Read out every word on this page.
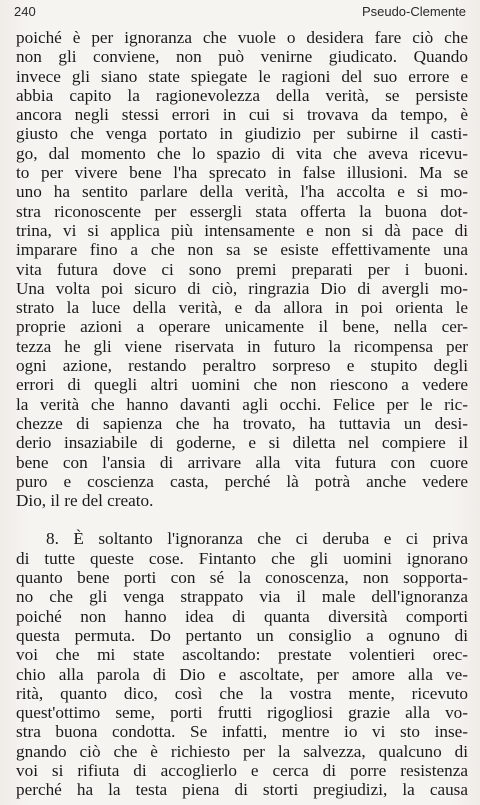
240	Pseudo-Clemente
poiché è per ignoranza che vuole o desidera fare ciò che
non gli conviene, non può venirne giudicato. Quando
invece gli siano state spiegate le ragioni del suo errore e
abbia capito la ragionevolezza della verità, se persiste
ancora negli stessi errori in cui si trovava da tempo, è
giusto che venga portato in giudizio per subirne il casti-
go, dal momento che lo spazio di vita che aveva ricevu-
to per vivere bene l'ha sprecato in false illusioni. Ma se
uno ha sentito parlare della verità, l'ha accolta e si mo-
stra riconoscente per essergli stata offerta la buona dot-
trina, vi si applica più intensamente e non si dà pace di
imparare fino a che non sa se esiste effettivamente una
vita futura dove ci sono premi preparati per i buoni.
Una volta poi sicuro di ciò, ringrazia Dio di avergli mo-
strato la luce della verità, e da allora in poi orienta le
proprie azioni a operare unicamente il bene, nella cer-
tezza he gli viene riservata in futuro la ricompensa per
ogni azione, restando peraltro sorpreso e stupito degli
errori di quegli altri uomini che non riescono a vedere
la verità che hanno davanti agli occhi. Felice per le ric-
chezze di sapienza che ha trovato, ha tuttavia un desi-
derio insaziabile di goderne, e si diletta nel compiere il
bene con l'ansia di arrivare alla vita futura con cuore
puro e coscienza casta, perché là potrà anche vedere
Dio, il re del creato.
8. È soltanto l'ignoranza che ci deruba e ci priva
di tutte queste cose. Fintanto che gli uomini ignorano
quanto bene porti con sé la conoscenza, non sopporta-
no che gli venga strappato via il male dell'ignoranza
poiché non hanno idea di quanta diversità comporti
questa permuta. Do pertanto un consiglio a ognuno di
voi che mi state ascoltando: prestate volentieri orec-
chio alla parola di Dio e ascoltate, per amore alla ve-
rità, quanto dico, così che la vostra mente, ricevuto
quest'ottimo seme, porti frutti rigogliosi grazie alla vo-
stra buona condotta. Se infatti, mentre io vi sto inse-
gnando ciò che è richiesto per la salvezza, qualcuno di
voi si rifiuta di accoglierlo e cerca di porre resistenza
perché ha la testa piena di storti pregiudizi, la causa
